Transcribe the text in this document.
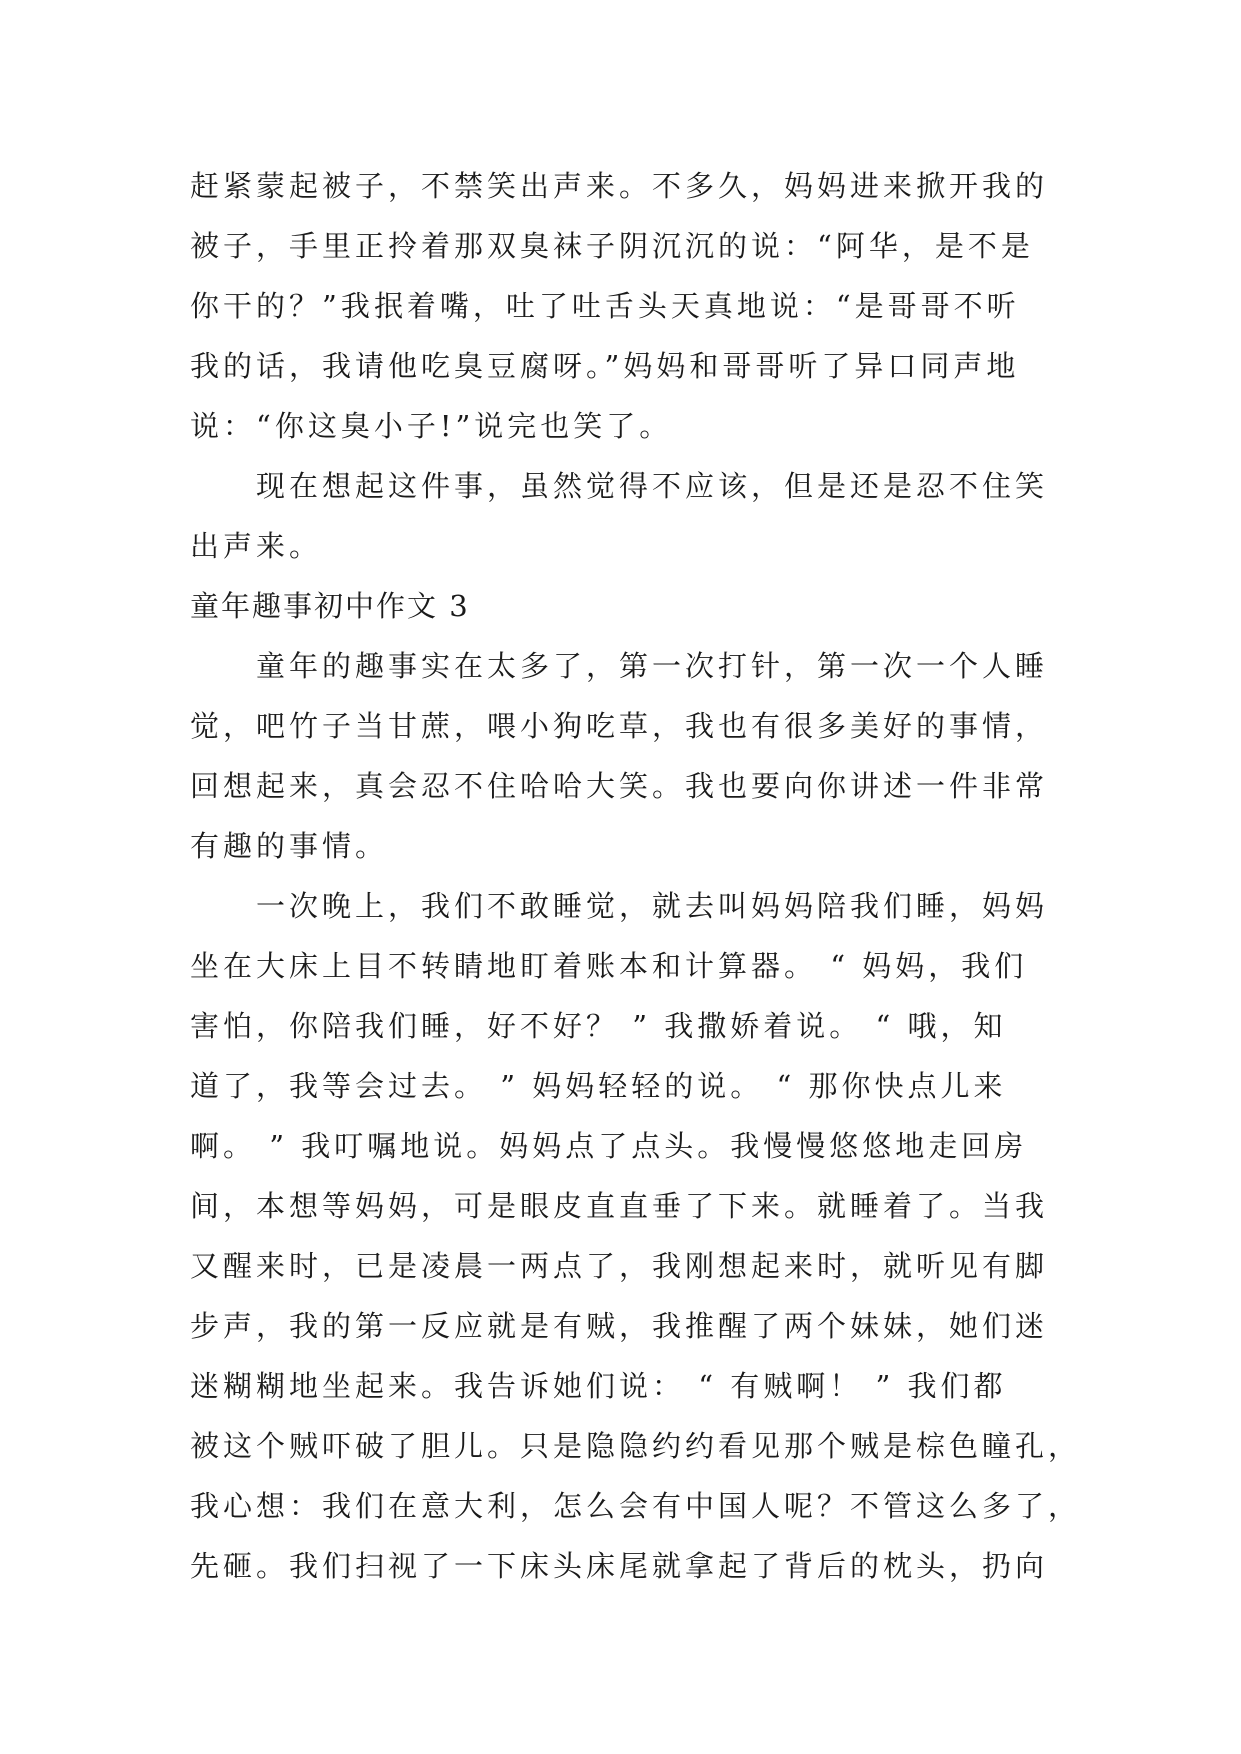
赶紧蒙起被子，不禁笑出声来。不多久，妈妈进来掀开我的
被子，手里正拎着那双臭袜子阴沉沉的说：“阿华，是不是
你干的？”我抿着嘴，吐了吐舌头天真地说：“是哥哥不听
我的话，我请他吃臭豆腐呀。”妈妈和哥哥听了异口同声地
说：“你这臭小子!”说完也笑了。
现在想起这件事，虽然觉得不应该，但是还是忍不住笑
出声来。
童年趣事初中作文 3
童年的趣事实在太多了，第一次打针，第一次一个人睡
觉，吧竹子当甘蔗，喂小狗吃草，我也有很多美好的事情，
回想起来，真会忍不住哈哈大笑。我也要向你讲述一件非常
有趣的事情。
一次晚上，我们不敢睡觉，就去叫妈妈陪我们睡，妈妈
坐在大床上目不转睛地盯着账本和计算器。 “ 妈妈，我们
害怕，你陪我们睡，好不好？ ” 我撒娇着说。 “ 哦，知
道了，我等会过去。 ” 妈妈轻轻的说。 “ 那你快点儿来
啊。 ” 我叮嘱地说。妈妈点了点头。我慢慢悠悠地走回房
间，本想等妈妈，可是眼皮直直垂了下来。就睡着了。当我
又醒来时，已是凌晨一两点了，我刚想起来时，就听见有脚
步声，我的第一反应就是有贼，我推醒了两个妹妹，她们迷
迷糊糊地坐起来。我告诉她们说： “ 有贼啊！ ” 我们都
被这个贼吓破了胆儿。只是隐隐约约看见那个贼是棕色瞳孔，
我心想：我们在意大利，怎么会有中国人呢？不管这么多了，
先砸。我们扫视了一下床头床尾就拿起了背后的枕头，扔向
